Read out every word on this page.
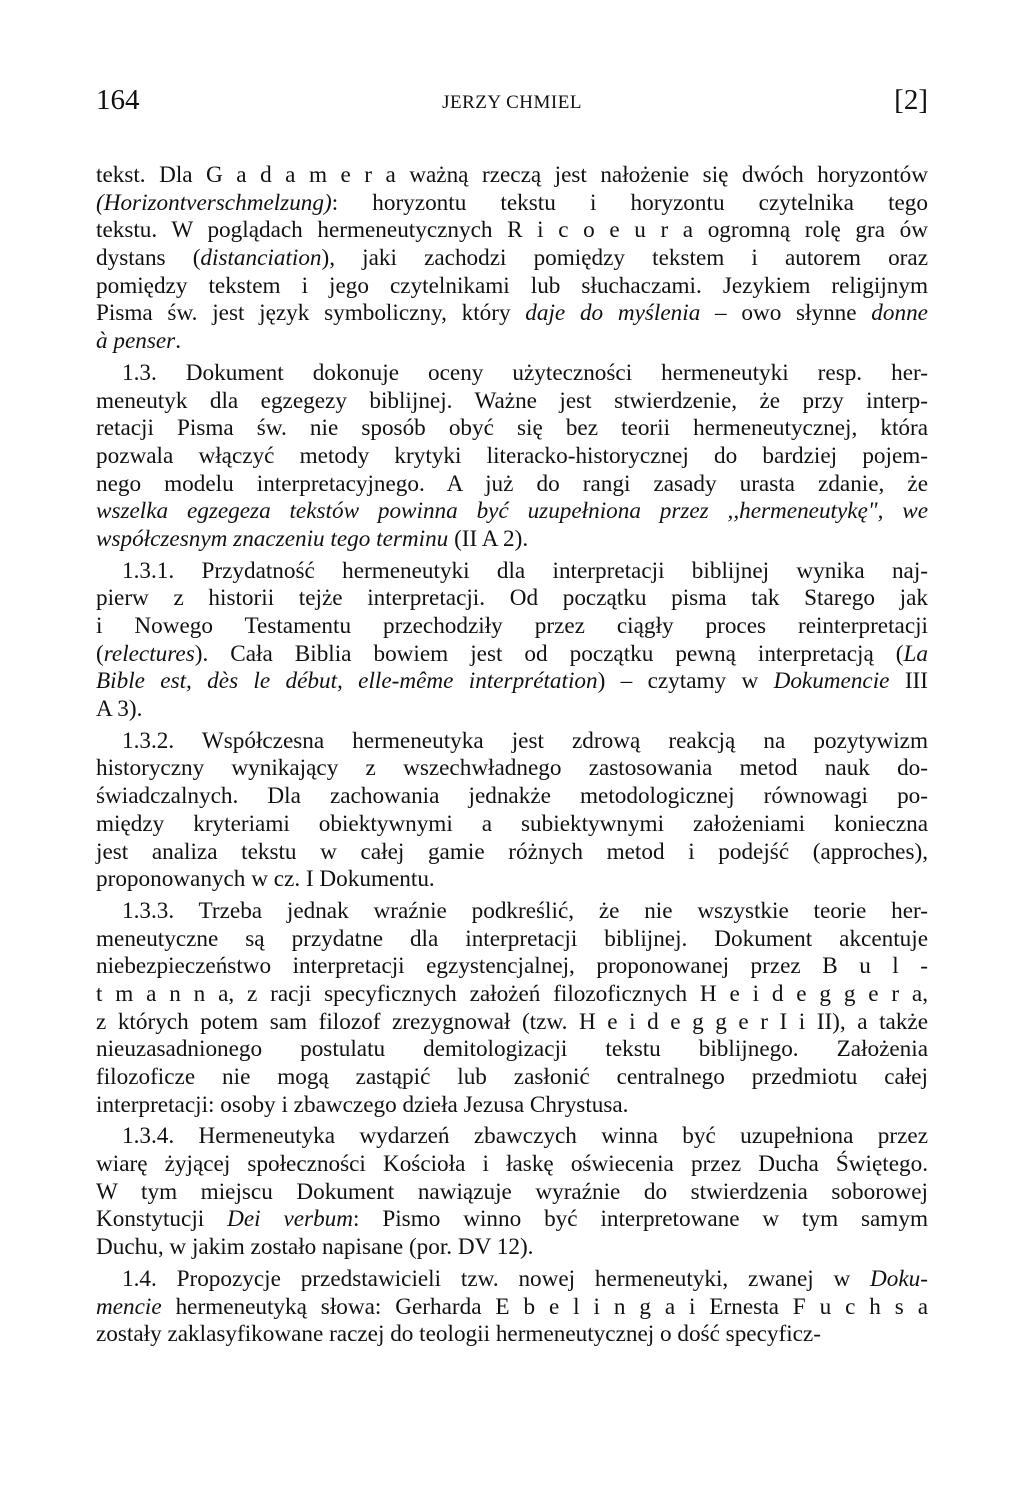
164	JERZY CHMIEL	[2]
tekst. Dla G a d a m e r a ważną rzeczą jest nałożenie się dwóch horyzontów
(Horizontverschmelzung): horyzontu tekstu i horyzontu czytelnika tego
tekstu. W poglądach hermeneutycznych R i c o e u r a ogromną rolę gra ów
dystans (distanciation), jaki zachodzi pomiędzy tekstem i autorem oraz
pomiędzy tekstem i jego czytelnikami lub słuchaczami. Jezykiem religijnym
Pisma św. jest język symboliczny, który daje do myślenia – owo słynne donne
à penser.
1.3. Dokument dokonuje oceny użyteczności hermeneutyki resp. her-
meneutyk dla egzegezy biblijnej. Ważne jest stwierdzenie, że przy interp-
retacji Pisma św. nie sposób obyć się bez teorii hermeneutycznej, która
pozwala włączyć metody krytyki literacko-historycznej do bardziej pojem-
nego modelu interpretacyjnego. A już do rangi zasady urasta zdanie, że
wszelka egzegeza tekstów powinna być uzupełniona przez ,,hermeneutykę", we
współczesnym znaczeniu tego terminu (II A 2).
1.3.1. Przydatność hermeneutyki dla interpretacji biblijnej wynika naj-
pierw z historii tejże interpretacji. Od początku pisma tak Starego jak
i Nowego Testamentu przechodziły przez ciągły proces reinterpretacji
(relectures). Cała Biblia bowiem jest od początku pewną interpretacją (La
Bible est, dès le début, elle-même interprétation) – czytamy w Dokumencie III
A 3).
1.3.2. Współczesna hermeneutyka jest zdrową reakcją na pozytywizm
historyczny wynikający z wszechwładnego zastosowania metod nauk do-
świadczalnych. Dla zachowania jednakże metodologicznej równowagi po-
między kryteriami obiektywnymi a subiektywnymi założeniami konieczna
jest analiza tekstu w całej gamie różnych metod i podejść (approches),
proponowanych w cz. I Dokumentu.
1.3.3. Trzeba jednak wraźnie podkreślić, że nie wszystkie teorie her-
meneutyczne są przydatne dla interpretacji biblijnej. Dokument akcentuje
niebezpieczeństwo interpretacji egzystencjalnej, proponowanej przez B u l -
t m a n n a, z racji specyficznych założeń filozoficznych H e i d e g g e r a,
z których potem sam filozof zrezygnował (tzw. H e i d e g g e r I i II), a także
nieuzasadnionego postulatu demitologizacji tekstu biblijnego. Założenia
filozoficze nie mogą zastąpić lub zasłonić centralnego przedmiotu całej
interpretacji: osoby i zbawczego dzieła Jezusa Chrystusa.
1.3.4. Hermeneutyka wydarzeń zbawczych winna być uzupełniona przez
wiarę żyjącej społeczności Kościoła i łaskę oświecenia przez Ducha Świętego.
W tym miejscu Dokument nawiązuje wyraźnie do stwierdzenia soborowej
Konstytucji Dei verbum: Pismo winno być interpretowane w tym samym
Duchu, w jakim zostało napisane (por. DV 12).
1.4. Propozycje przedstawicieli tzw. nowej hermeneutyki, zwanej w Doku-
mencie hermeneutyką słowa: Gerharda E b e l i n g a i Ernesta F u c h s a
zostały zaklasyfikowane raczej do teologii hermeneutycznej o dość specyficz-
